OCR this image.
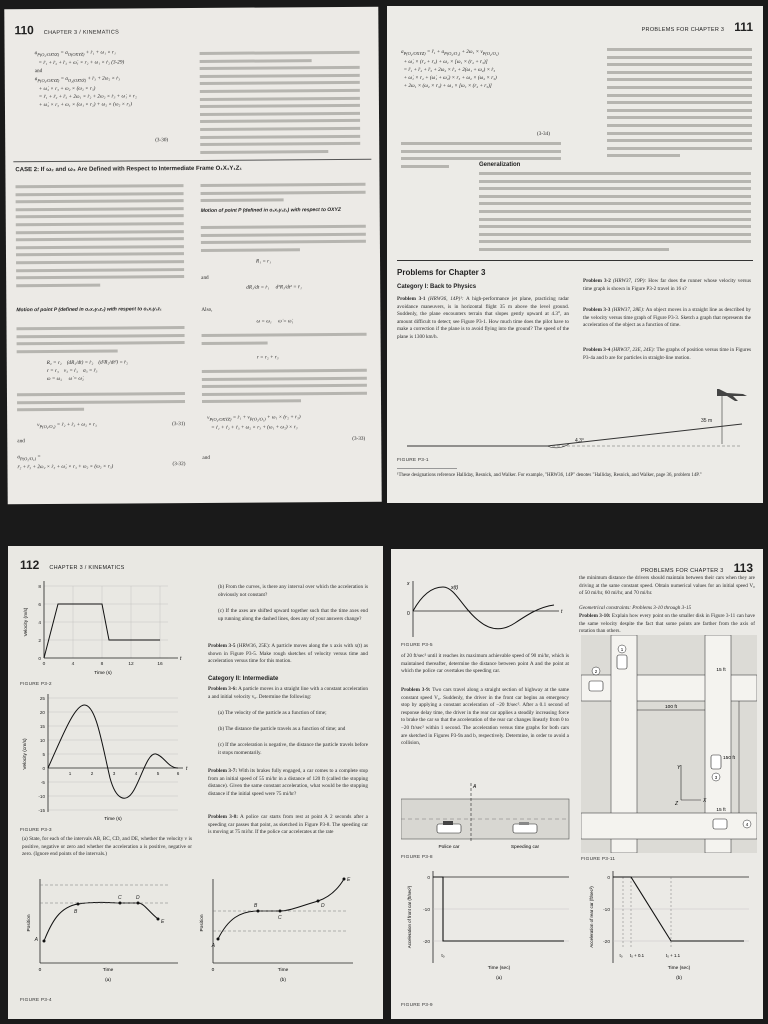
110 CHAPTER 3 / KINEMATICS
$a_{P(O_2/OXYZ)} = a_{O(OXYZ)}$ + ṙ₁ + ω₁ × r₁
= r̈₁ + r̈₂ + r̈₃ + ω̇₁ × r₂ + ω₁ × ṙ₂ (3-29)
and
$a_{P(O_3/OXYZ)} = a_{O_2(OXYZ)}$ + r̈₃ + 2ω₂ × ṙ₃
+ ω̇₂ × r₃ + ω₂ × (ω₂ × r₃)
= r̈₁ + r̈₂ + r̈₃ + 2ω₁ × ṙ₂ + 2ω₂ × ṙ₃ + ω̇₁ × r₂
+ ω̇₂ × r₃ + ω₁ × (ω₁ × r₂) + ω₂ × (ω₂ × r₃)
(3-30)
CASE 2: If ω₂ and ω₃ Are Defined with Respect to Intermediate Frame O₁X₁Y₁Z₁
Motion of point P (defined in o₂x₂y₂z₂) with respect to o₁x₁y₁z₁
R₂ = r₂    (dR₂/dt) = ṙ₂    (d²R₂/dt²) = r̈₂
r = r₃    v₃ = ṙ₃    a₃ = r̈₃
ω = ω₂     ω̇ = ω̇₂
$v_{P(O_2/O_1)}$ = ṙ₂ + ṙ₃ + ω₂ × r₃	(3-31)
and
$a_{P(O_2/O_1)}$ =
r̈₂ + r̈₃ + 2ω₂ × ṙ₃ + ω̇₂ × r₃ + ω₂ × (ω₂ × r₃)	(3-32)
Motion of point P (defined in o₁x₁y₁z₁) with respect to OXYZ
R₁ = r₁
and
dR₁/dt = ṙ₁     d²R₁/dt² = r̈₁
Also,
ω = ω₁     ω̇ = ω̇₁
r = r₂ + r₃
$v_{P(O_2/OXYZ)}$ = ṙ₁ + $v_{P(O_2/O_1)} + \omega_1 \times (r_2 + r_3)$
= ṙ₁ + ṙ₂ + ṙ₃ + ω₂ × r₃ + (ω₁ + ω₂) × r₃
(3-33)
and
PROBLEMS FOR CHAPTER 3 111
$a_{P(O_2/OXYZ)}$ = r̈₁ + $a_{P(O_2/O_1)} + 2\omega_1 \times v_{P(O_2/O_1)}$
+ ω̇₁ × (r₂ + r₃) + ω₁ × [ω₁ × (r₂ + r₃)]
= r̈₁ + r̈₂ + r̈₃ + 2ω₂ × ṙ₃ + 2(ω₁ + ω₂) × ṙ₃
+ ω̇₁ × r₂ + (ω̇₁ + ω̇₂) × r₃ + ω₂ × (ω₂ × r₃)
+ 2ω₁ × (ω₂ × r₃) + ω₁ × [ω₁ × (r₂ + r₃)]
(3-34)
Generalization
Problems for Chapter 3
Category I: Back to Physics
Problem 3-1 (HRW36, 14P)¹: A high-performance jet plane, practicing radar avoidance maneuvers, is in horizontal flight 35 m above the level ground. Suddenly, the plane encounters terrain that slopes gently upward at 4.3°, an amount difficult to detect; see Figure P3-1. How much time does the pilot have to make a correction if the plane is to avoid flying into the ground? The speed of the plane is 1300 km/h.
Problem 3-2 (HRW37, 19P): How far does the runner whose velocity versus time graph is shown in Figure P3-2 travel in 16 s?
Problem 3-3 (HRW37, 28E): An object moves in a straight line as described by the velocity versus time graph of Figure P3-3. Sketch a graph that represents the acceleration of the object as a function of time.
Problem 3-4 (HRW37, 23E, 24E): The graphs of position versus time in Figures P3-4a and b are for particles in straight-line motion.
4.3°
35 m
FIGURE P3-1
¹These designations reference Halliday, Resnick, and Walker. For example, "HRW36, 14P" denotes "Halliday, Resnick, and Walker, page 36, problem 14P."
112 CHAPTER 3 / KINEMATICS
0	4	8	12	16
0
2
4
6
8
t
Time (s)
Velocity (m/s)
FIGURE P3-2
25
20
15
10
5
0
-5
-10
-15
1	2	3	4	5	6
t
Time (s)
Velocity (cm/s)
FIGURE P3-3
(a) State, for each of the intervals AB, BC, CD, and DE, whether the velocity v is positive, negative or zero and whether the acceleration a is positive, negative or zero. (Ignore end points of the intervals.)
A
B
C	D
E
0	Time
Position
(a)
A
B
C
D
E
0	Time
Position
(b)
FIGURE P3-4
(b) From the curves, is there any interval over which the acceleration is obviously not constant?
(c) If the axes are shifted upward together such that the time axes end up running along the dashed lines, does any of your answers change?
Problem 3-5 (HRW36, 25E): A particle moves along the x axis with x(t) as shown in Figure P3-5. Make rough sketches of velocity versus time and acceleration versus time for this motion.
Category II: Intermediate
Problem 3-6: A particle moves in a straight line with a constant acceleration a and initial velocity v₀. Determine the following:
(a) The velocity of the particle as a function of time;
(b) The distance the particle travels as a function of time; and
(c) If the acceleration is negative, the distance the particle travels before it stops momentarily.
Problem 3-7: With its brakes fully engaged, a car comes to a complete stop from an initial speed of 55 mi/hr in a distance of 120 ft (called the stopping distance). Given the same constant acceleration, what would be the stopping distance if the initial speed were 75 mi/hr?
Problem 3-8: A police car starts from rest at point A 2 seconds after a speeding car passes that point, as sketched in Figure P3-8. The speeding car is moving at 75 mi/hr. If the police car accelerates at the rate
PROBLEMS FOR CHAPTER 3 113
x
t
0
x(t)
FIGURE P3-5
of 20 ft/sec² until it reaches its maximum achievable speed of 90 mi/hr, which is maintained thereafter, determine the distance between point A and the point at which the police car overtakes the speeding car.
Problem 3-9: Two cars travel along a straight section of highway at the same constant speed V₀. Suddenly, the driver in the front car begins an emergency stop by applying a constant acceleration of −20 ft/sec². After a 0.1 second of response delay time, the driver in the rear car applies a steadily increasing force to brake the car so that the acceleration of the rear car changes linearly from 0 to −20 ft/sec² within 1 second. The acceleration versus time graphs for both cars are sketched in Figures P3-9a and b, respectively. Determine, in order to avoid a collision,
the minimum distance the drivers should maintain between their cars when they are driving at the same constant speed. Obtain numerical values for an initial speed V₀ of 50 mi/hr, 60 mi/hr, and 70 mi/hr.
Geometrical constraints: Problems 3-10 through 3-15
Problem 3-10: Explain how every point on the smaller disk in Figure 3-11 can have the same velocity despite the fact that some points are farther from the axis of rotation than others.
A
Police car	Speeding car
FIGURE P3-8
100 ft
150 ft
15 ft
15 ft
Y
X
Z
1
2
3
4
FIGURE P3-11
0
-10
-20
t₀
Time (sec)
Acceleration of front car (ft/sec²)
(a)
0
-10
-20
t₀ t₀ + 0.1	t₀ + 1.1
Time (sec)
Acceleration of rear car (ft/sec²)
(b)
FIGURE P3-9
